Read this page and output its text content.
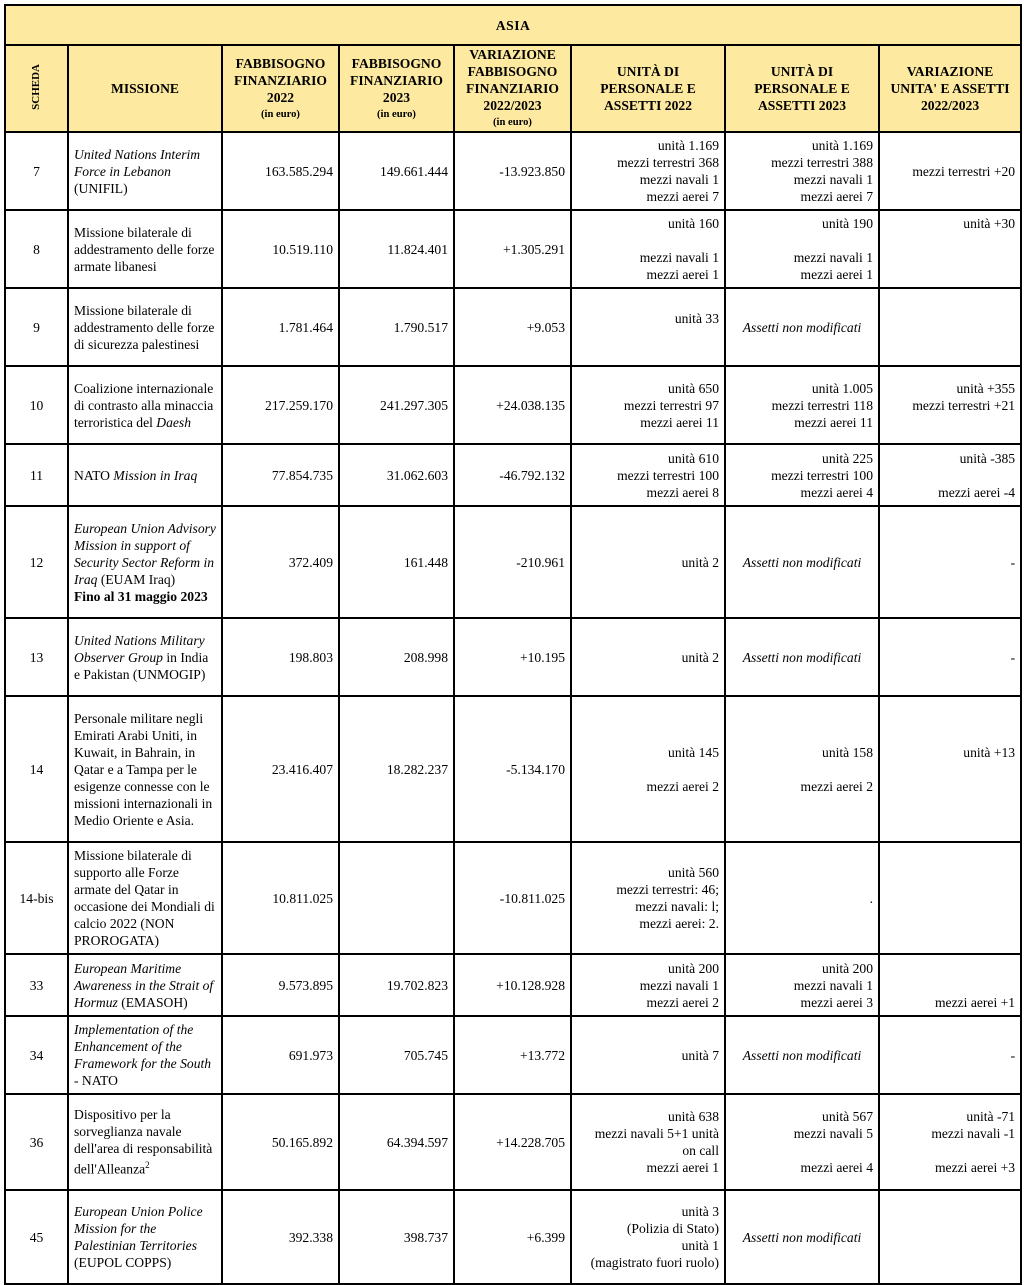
ASIA							
SCHEDA	MISSIONE	FABBISOGNO
FINANZIARIO
2022
(in euro)	FABBISOGNO
FINANZIARIO
2023
(in euro)	VARIAZIONE
FABBISOGNO
FINANZIARIO
2022/2023
(in euro)	UNITÀ DI
PERSONALE E
ASSETTI 2022	UNITÀ DI
PERSONALE E
ASSETTI 2023	VARIAZIONE
UNITA' E ASSETTI
2022/2023

7	United Nations Interim Force in Lebanon (UNIFIL)	163.585.294	149.661.444	-13.923.850	unità 1.169
mezzi terrestri 368
mezzi navali 1
mezzi aerei 7	unità 1.169
mezzi terrestri 388
mezzi navali 1
mezzi aerei 7	mezzi terrestri +20

8	Missione bilaterale di addestramento delle forze armate libanesi	10.519.110	11.824.401	+1.305.291	unità 160
mezzi navali 1
mezzi aerei 1	unità 190
mezzi navali 1
mezzi aerei 1	unità +30

9	Missione bilaterale di addestramento delle forze di sicurezza palestinesi	1.781.464	1.790.517	+9.053	unità 33	Assetti non modificati	
10	Coalizione internazionale di contrasto alla minaccia terroristica del Daesh	217.259.170	241.297.305	+24.038.135	unità 650
mezzi terrestri 97
mezzi aerei 11	unità 1.005
mezzi terrestri 118
mezzi aerei 11	unità +355
mezzi terrestri +21

11	NATO Mission in Iraq	77.854.735	31.062.603	-46.792.132	unità 610
mezzi terrestri 100
mezzi aerei 8	unità 225
mezzi terrestri 100
mezzi aerei 4	unità -385
mezzi aerei -4

12	European Union Advisory Mission in support of Security Sector Reform in Iraq (EUAM Iraq)
Fino al 31 maggio 2023	372.409	161.448	-210.961	unità 2	Assetti non modificati	-

13	United Nations Military Observer Group in India e Pakistan (UNMOGIP)	198.803	208.998	+10.195	unità 2	Assetti non modificati	-

14	Personale militare negli Emirati Arabi Uniti, in Kuwait, in Bahrain, in Qatar e a Tampa per le esigenze connesse con le missioni internazionali in Medio Oriente e Asia.	23.416.407	18.282.237	-5.134.170	unità 145
mezzi aerei 2	unità 158
mezzi aerei 2	unità +13

14-bis	Missione bilaterale di supporto alle Forze armate del Qatar in occasione dei Mondiali di calcio 2022 (NON PROROGATA)	10.811.025		-10.811.025	unità 560
mezzi terrestri: 46;
mezzi navali: l;
mezzi aerei: 2.	.	

33	European Maritime Awareness in the Strait of Hormuz (EMASOH)	9.573.895	19.702.823	+10.128.928	unità 200
mezzi navali 1
mezzi aerei 2	unità 200
mezzi navali 1
mezzi aerei 3	mezzi aerei +1

34	Implementation of the Enhancement of the Framework for the South - NATO	691.973	705.745	+13.772	unità 7	Assetti non modificati	-

36	Dispositivo per la sorveglianza navale dell'area di responsabilità dell'Alleanza$^2$	50.165.892	64.394.597	+14.228.705	unità 638
mezzi navali 5+1 unità
on call
mezzi aerei 1	unità 567
mezzi navali 5
mezzi aerei 4	unità -71
mezzi navali -1
mezzi aerei +3

45	European Union Police Mission for the Palestinian Territories (EUPOL COPPS)	392.338	398.737	+6.399	unità 3
(Polizia di Stato)
unità 1
(magistrato fuori ruolo)	Assetti non modificati	
